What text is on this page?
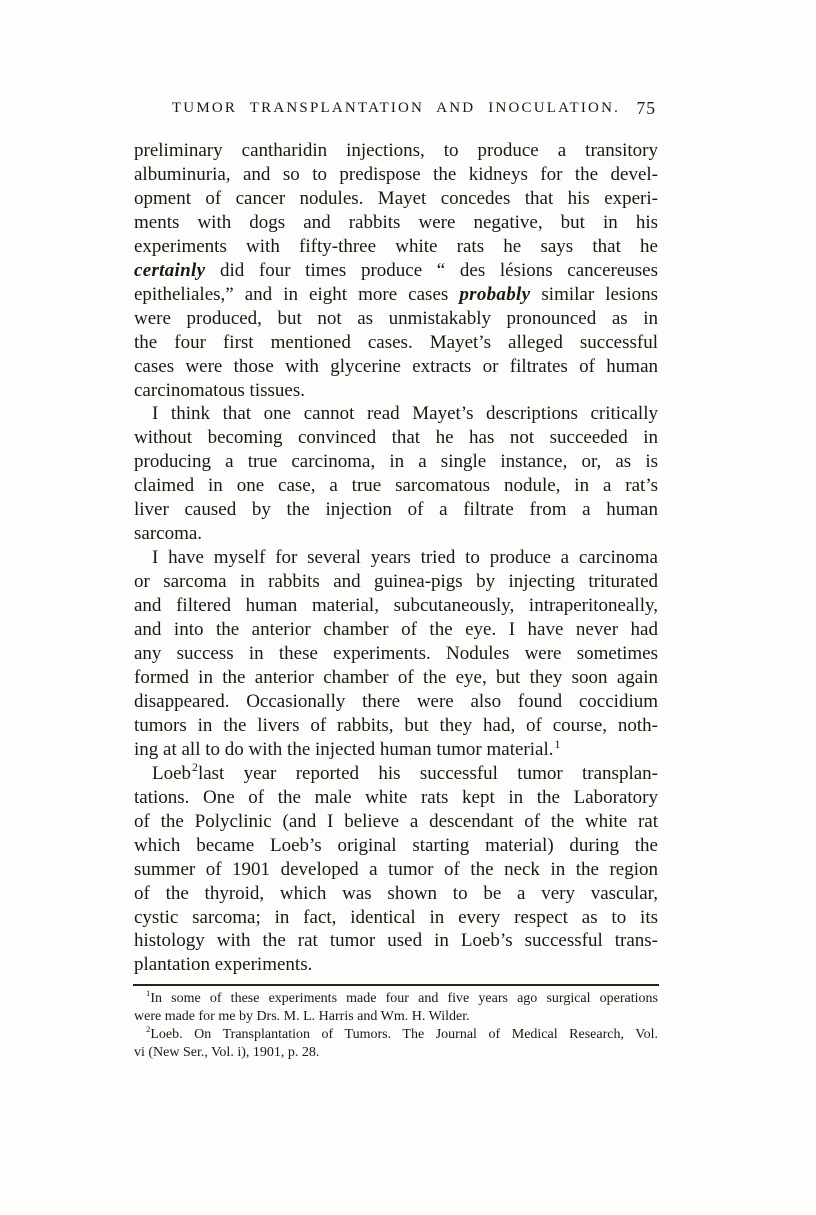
TUMOR TRANSPLANTATION AND INOCULATION. 75
preliminary cantharidin injections, to produce a transitory
albuminuria, and so to predispose the kidneys for the devel-
opment of cancer nodules. Mayet concedes that his experi-
ments with dogs and rabbits were negative, but in his
experiments with fifty-three white rats he says that he
certainly did four times produce “ des lésions cancereuses
epitheliales,” and in eight more cases probably similar lesions
were produced, but not as unmistakably pronounced as in
the four first mentioned cases. Mayet’s alleged successful
cases were those with glycerine extracts or filtrates of human
carcinomatous tissues.
I think that one cannot read Mayet’s descriptions critically
without becoming convinced that he has not succeeded in
producing a true carcinoma, in a single instance, or, as is
claimed in one case, a true sarcomatous nodule, in a rat’s
liver caused by the injection of a filtrate from a human
sarcoma.
I have myself for several years tried to produce a carcinoma
or sarcoma in rabbits and guinea-pigs by injecting triturated
and filtered human material, subcutaneously, intraperitoneally,
and into the anterior chamber of the eye. I have never had
any success in these experiments. Nodules were sometimes
formed in the anterior chamber of the eye, but they soon again
disappeared. Occasionally there were also found coccidium
tumors in the livers of rabbits, but they had, of course, noth-
ing at all to do with the injected human tumor material.$^1$
Loeb$^2$last year reported his successful tumor transplan-
tations. One of the male white rats kept in the Laboratory
of the Polyclinic (and I believe a descendant of the white rat
which became Loeb’s original starting material) during the
summer of 1901 developed a tumor of the neck in the region
of the thyroid, which was shown to be a very vascular,
cystic sarcoma; in fact, identical in every respect as to its
histology with the rat tumor used in Loeb’s successful trans-
plantation experiments.
$^1$In some of these experiments made four and five years ago surgical operations
were made for me by Drs. M. L. Harris and Wm. H. Wilder.
$^2$Loeb. On Transplantation of Tumors. The Journal of Medical Research, Vol.
vi (New Ser., Vol. i), 1901, p. 28.
